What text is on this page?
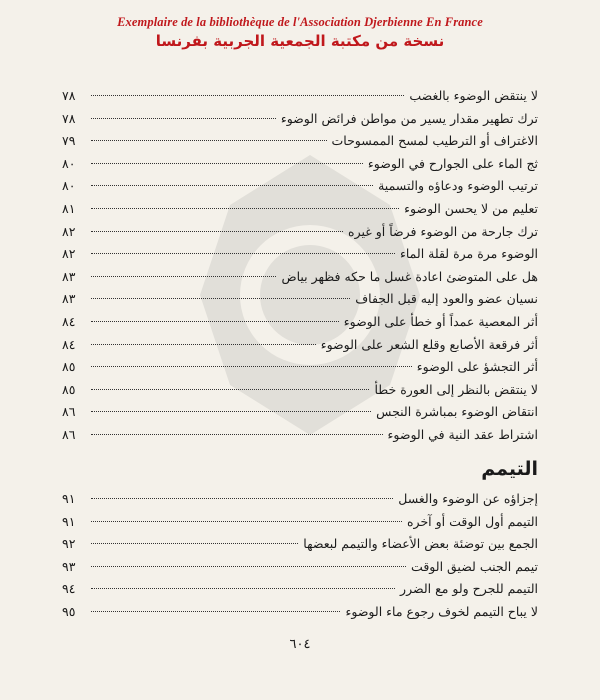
Exemplaire de la bibliothèque de l'Association Djerbienne En France
نسخة من مكتبة الجمعية الجربية بفرنسا
لا ينتقض الوضوء بالغضب
٧٨
ترك تطهير مقدار يسير من مواطن فرائض الوضوء
٧٨
الاغتراف أو الترطيب لمسح الممسوحات
٧٩
ثج الماء على الجوارح في الوضوء
٨٠
ترتيب الوضوء ودعاؤه والتسمية
٨٠
تعليم من لا يحسن الوضوء
٨١
ترك جارحة من الوضوء فرضاً أو غيره
٨٢
الوضوء مرة مرة لقلة الماء
٨٢
هل على المتوضئ اعادة غسل ما حكه فظهر بياض
٨٣
نسيان عضو والعود إليه قبل الجفاف
٨٣
أثر المعصية عمداً أو خطأ على الوضوء
٨٤
أثر فرقعة الأصابع وقلع الشعر على الوضوء
٨٤
أثر التجشؤ على الوضوء
٨٥
لا ينتقض بالنظر إلى العورة خطأ
٨٥
انتقاض الوضوء بمباشرة النجس
٨٦
اشتراط عقد النية في الوضوء
٨٦
التيمم
إجزاؤه عن الوضوء والغسل
٩١
التيمم أول الوقت أو آخره
٩١
الجمع بين توضئة بعض الأعضاء والتيمم لبعضها
٩٢
تيمم الجنب لضيق الوقت
٩٣
التيمم للجرح ولو مع الضرر
٩٤
لا يباح التيمم لخوف رجوع ماء الوضوء
٩٥
٦٠٤
